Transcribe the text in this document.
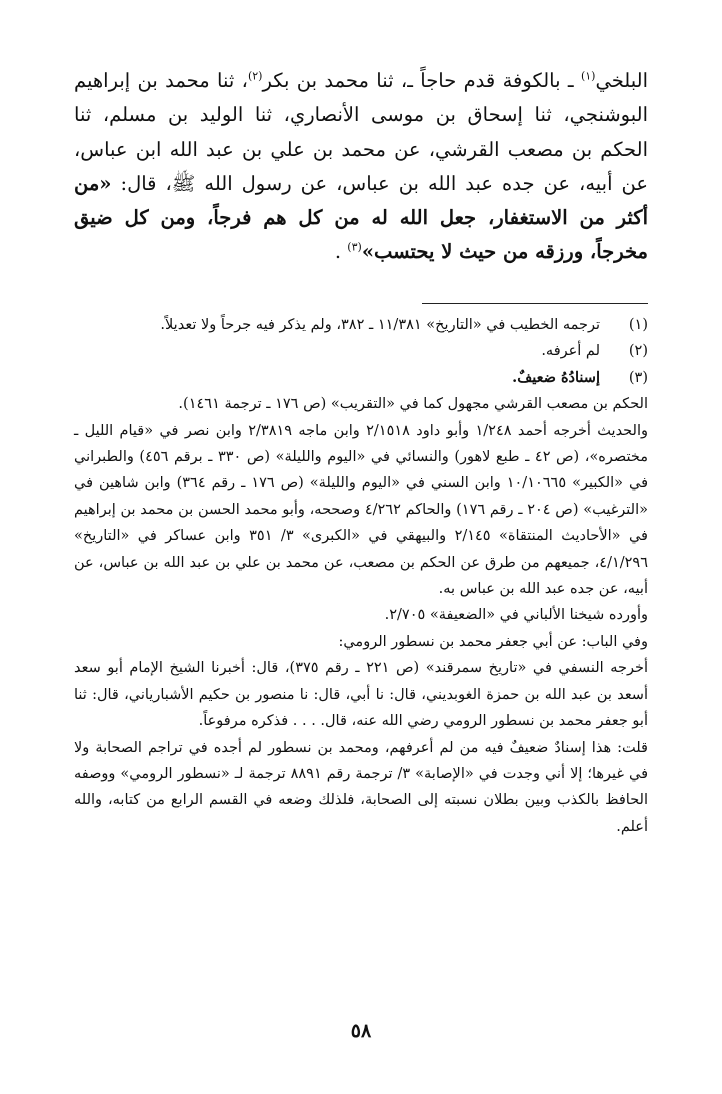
البلخي$^{(١)}$ ـ بالكوفة قدم حاجاً ـ، ثنا محمد بن بكر$^{(٢)}$، ثنا محمد بن إبراهيم البوشنجي، ثنا إسحاق بن موسى الأنصاري، ثنا الوليد بن مسلم، ثنا الحكم بن مصعب القرشي، عن محمد بن علي بن عبد الله ابن عباس، عن أبيه، عن جده عبد الله بن عباس، عن رسول الله ﷺ، قال: «من أكثر من الاستغفار، جعل الله له من كل هم فرجاً، ومن كل ضيق مخرجاً، ورزقه من حيث لا يحتسب»$^{(٣)}$ .

(١)
ترجمه الخطيب في «التاريخ» ١١/٣٨١ ـ ٣٨٢، ولم يذكر فيه جرحاً ولا تعديلاً.
(٢)
لم أعرفه.
(٣)
إسنادُهُ ضعيفٌ.

الحكم بن مصعب القرشي مجهول كما في «التقريب» (ص ١٧٦ ـ ترجمة ١٤٦١).

والحديث أخرجه أحمد ١/٢٤٨ وأبو داود ٢/١٥١٨ وابن ماجه ٢/٣٨١٩ وابن نصر في «قيام الليل ـ مختصره»، (ص ٤٢ ـ طبع لاهور) والنسائي في «اليوم والليلة» (ص ٣٣٠ ـ برقم ٤٥٦) والطبراني في «الكبير» ١٠/١٠٦٦٥ وابن السني في «اليوم والليلة» (ص ١٧٦ ـ رقم ٣٦٤) وابن شاهين في «الترغيب» (ص ٢٠٤ ـ رقم ١٧٦) والحاكم ٤/٢٦٢ وصححه، وأبو محمد الحسن بن محمد بن إبراهيم في «الأحاديث المنتقاة» ٢/١٤٥ والبيهقي في «الكبرى» ٣/ ٣٥١ وابن عساكر في «التاريخ» ٤/١/٢٩٦، جميعهم من طرق عن الحكم بن مصعب، عن محمد بن علي بن عبد الله بن عباس، عن أبيه، عن جده عبد الله بن عباس به.

وأورده شيخنا الألباني في «الضعيفة» ٢/٧٠٥.

وفي الباب: عن أبي جعفر محمد بن نسطور الرومي:

أخرجه النسفي في «تاريخ سمرقند» (ص ٢٢١ ـ رقم ٣٧٥)، قال: أخبرنا الشيخ الإمام أبو سعد أسعد بن عبد الله بن حمزة الغوبديني، قال: نا أبي، قال: نا منصور بن حكيم الأشبارياني، قال: ثنا أبو جعفر محمد بن نسطور الرومي رضي الله عنه، قال. . . . فذكره مرفوعاً.

قلت: هذا إسنادٌ ضعيفٌ فيه من لم أعرفهم، ومحمد بن نسطور لم أجده في تراجم الصحابة ولا في غيرها؛ إلا أني وجدت في «الإصابة» ٣/ ترجمة رقم ٨٨٩١ ترجمة لـ «نسطور الرومي» ووصفه الحافظ بالكذب وبين بطلان نسبته إلى الصحابة، فلذلك وضعه في القسم الرابع من كتابه، والله أعلم.

٥٨
